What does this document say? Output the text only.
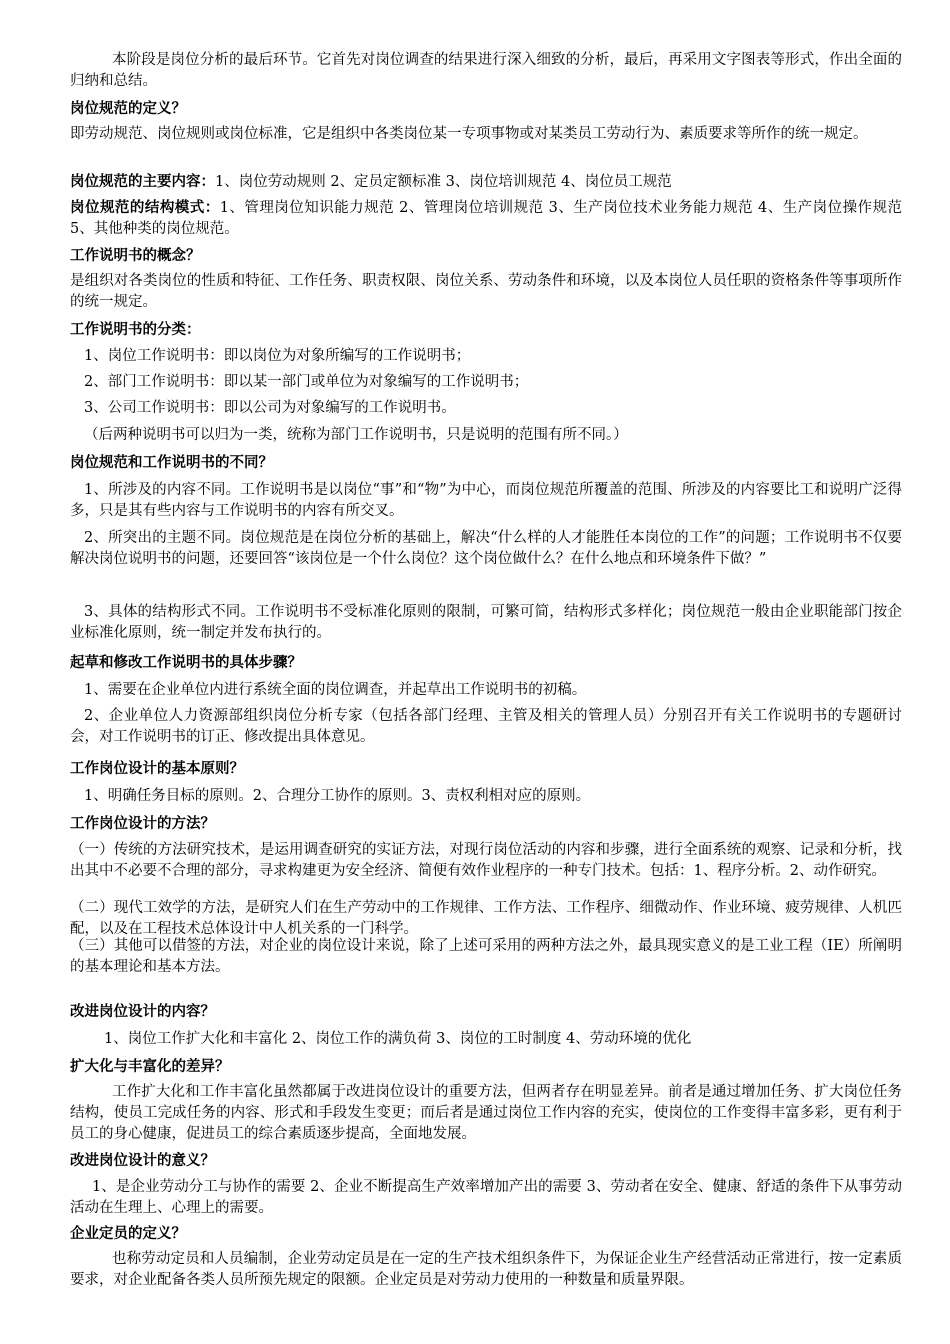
本阶段是岗位分析的最后环节。它首先对岗位调查的结果进行深入细致的分析，最后，再采用文字图表等形式，作出全面的归纳和总结。

岗位规范的定义？

即劳动规范、岗位规则或岗位标准，它是组织中各类岗位某一专项事物或对某类员工劳动行为、素质要求等所作的统一规定。

岗位规范的主要内容：1、岗位劳动规则 2、定员定额标准 3、岗位培训规范 4、岗位员工规范

岗位规范的结构模式：1、管理岗位知识能力规范 2、管理岗位培训规范 3、生产岗位技术业务能力规范 4、生产岗位操作规范 5、其他种类的岗位规范。

工作说明书的概念？

是组织对各类岗位的性质和特征、工作任务、职责权限、岗位关系、劳动条件和环境，以及本岗位人员任职的资格条件等事项所作的统一规定。

工作说明书的分类：

1、岗位工作说明书：即以岗位为对象所编写的工作说明书；

2、部门工作说明书：即以某一部门或单位为对象编写的工作说明书；

3、公司工作说明书：即以公司为对象编写的工作说明书。

（后两种说明书可以归为一类，统称为部门工作说明书，只是说明的范围有所不同。）

岗位规范和工作说明书的不同？

1、所涉及的内容不同。工作说明书是以岗位“事”和“物”为中心，而岗位规范所覆盖的范围、所涉及的内容要比工和说明广泛得多，只是其有些内容与工作说明书的内容有所交叉。

2、所突出的主题不同。岗位规范是在岗位分析的基础上，解决“什么样的人才能胜任本岗位的工作”的问题；工作说明书不仅要解决岗位说明书的问题，还要回答“该岗位是一个什么岗位？这个岗位做什么？在什么地点和环境条件下做？”

3、具体的结构形式不同。工作说明书不受标准化原则的限制，可繁可简，结构形式多样化；岗位规范一般由企业职能部门按企业标准化原则，统一制定并发布执行的。

起草和修改工作说明书的具体步骤？

1、需要在企业单位内进行系统全面的岗位调查，并起草出工作说明书的初稿。

2、企业单位人力资源部组织岗位分析专家（包括各部门经理、主管及相关的管理人员）分别召开有关工作说明书的专题研讨会，对工作说明书的订正、修改提出具体意见。

工作岗位设计的基本原则？

1、明确任务目标的原则。2、合理分工协作的原则。3、责权利相对应的原则。

工作岗位设计的方法？

（一）传统的方法研究技术，是运用调查研究的实证方法，对现行岗位活动的内容和步骤，进行全面系统的观察、记录和分析，找出其中不必要不合理的部分，寻求构建更为安全经济、简便有效作业程序的一种专门技术。包括：1、程序分析。2、动作研究。

（二）现代工效学的方法，是研究人们在生产劳动中的工作规律、工作方法、工作程序、细微动作、作业环境、疲劳规律、人机匹配，以及在工程技术总体设计中人机关系的一门科学。

（三）其他可以借签的方法，对企业的岗位设计来说，除了上述可采用的两种方法之外，最具现实意义的是工业工程（IE）所阐明的基本理论和基本方法。

改进岗位设计的内容？

1、岗位工作扩大化和丰富化 2、岗位工作的满负荷 3、岗位的工时制度 4、劳动环境的优化

扩大化与丰富化的差异？

工作扩大化和工作丰富化虽然都属于改进岗位设计的重要方法，但两者存在明显差异。前者是通过增加任务、扩大岗位任务结构，使员工完成任务的内容、形式和手段发生变更；而后者是通过岗位工作内容的充实，使岗位的工作变得丰富多彩，更有利于员工的身心健康，促进员工的综合素质逐步提高，全面地发展。

改进岗位设计的意义？

1、是企业劳动分工与协作的需要 2、企业不断提高生产效率增加产出的需要 3、劳动者在安全、健康、舒适的条件下从事劳动活动在生理上、心理上的需要。

企业定员的定义？

也称劳动定员和人员编制，企业劳动定员是在一定的生产技术组织条件下，为保证企业生产经营活动正常进行，按一定素质要求，对企业配备各类人员所预先规定的限额。企业定员是对劳动力使用的一种数量和质量界限。
